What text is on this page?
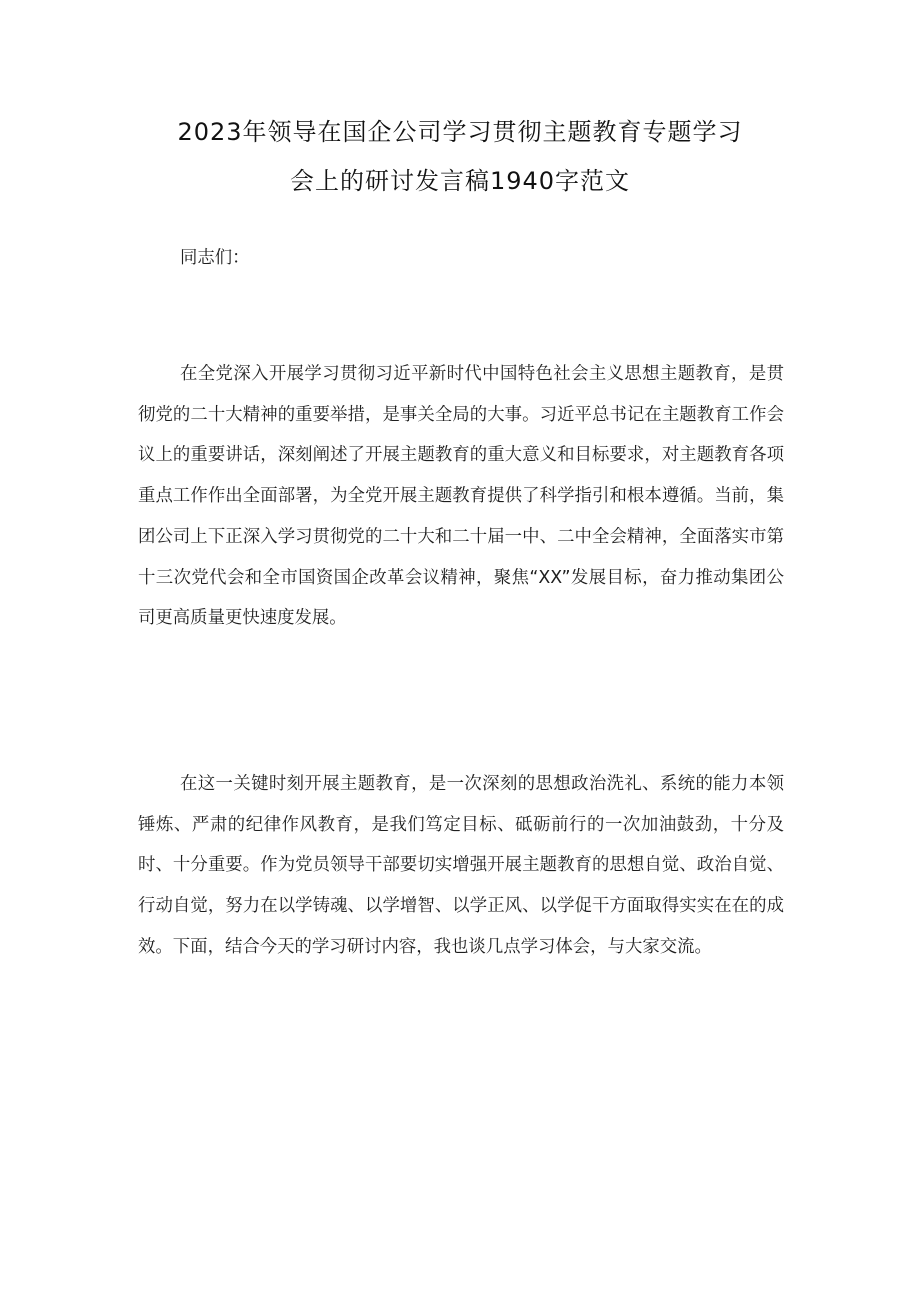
2023年领导在国企公司学习贯彻主题教育专题学习
会上的研讨发言稿1940字范文

同志们：

在全党深入开展学习贯彻习近平新时代中国特色社会主义思想主题教育，是贯彻党的二十大精神的重要举措，是事关全局的大事。习近平总书记在主题教育工作会议上的重要讲话，深刻阐述了开展主题教育的重大意义和目标要求，对主题教育各项重点工作作出全面部署，为全党开展主题教育提供了科学指引和根本遵循。当前，集团公司上下正深入学习贯彻党的二十大和二十届一中、二中全会精神，全面落实市第十三次党代会和全市国资国企改革会议精神，聚焦“XX”发展目标，奋力推动集团公司更高质量更快速度发展。

在这一关键时刻开展主题教育，是一次深刻的思想政治洗礼、系统的能力本领锤炼、严肃的纪律作风教育，是我们笃定目标、砥砺前行的一次加油鼓劲，十分及时、十分重要。作为党员领导干部要切实增强开展主题教育的思想自觉、政治自觉、行动自觉，努力在以学铸魂、以学增智、以学正风、以学促干方面取得实实在在的成效。下面，结合今天的学习研讨内容，我也谈几点学习体会，与大家交流。
